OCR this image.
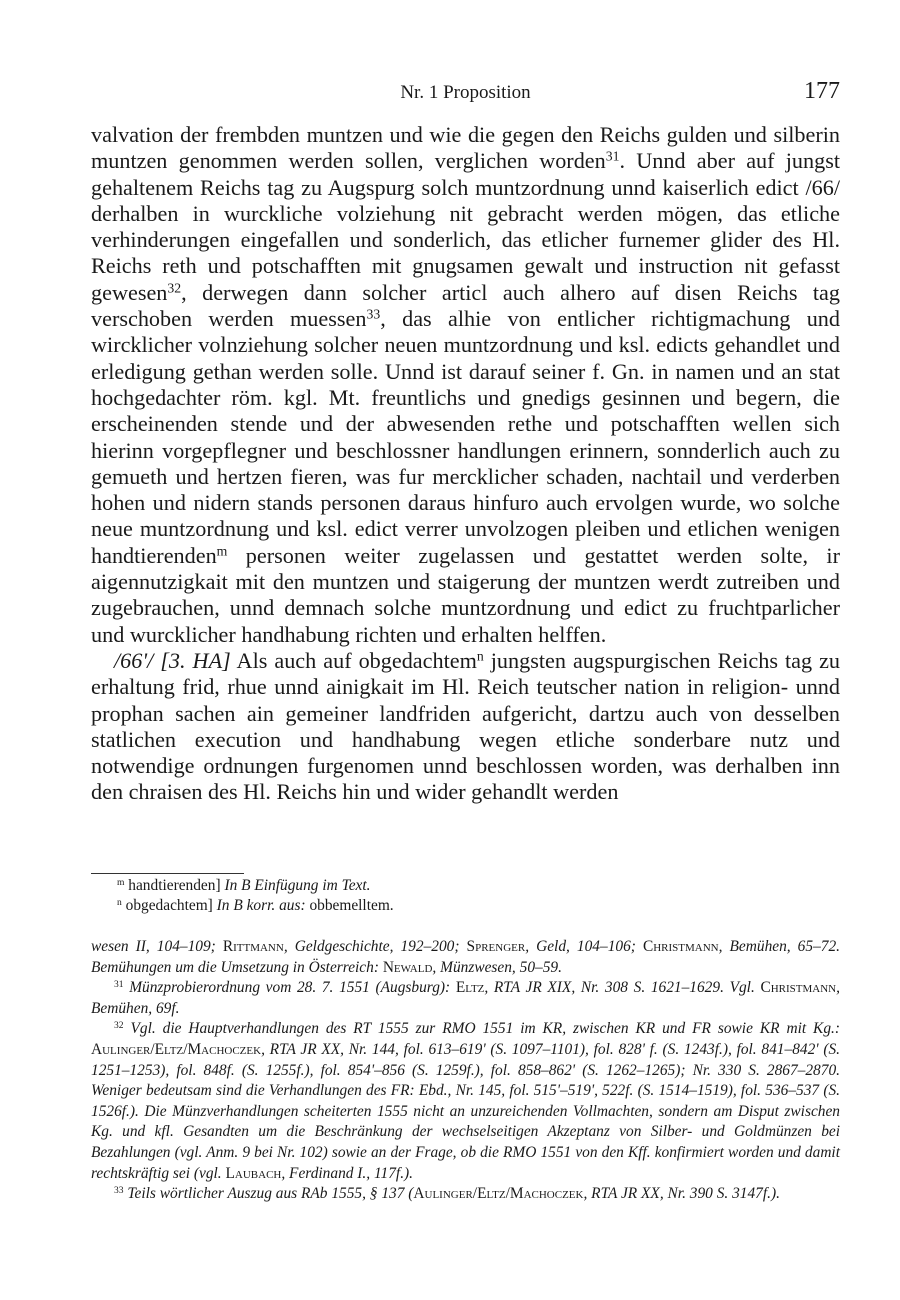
Nr. 1 Proposition	177

valvation der frembden muntzen und wie die gegen den Reichs gulden und silberin muntzen genommen werden sollen, verglichen worden$^{31}$. Unnd aber auf jungst gehaltenem Reichs tag zu Augspurg solch muntzordnung unnd kaiserlich edict /66/ derhalben in wurckliche volziehung nit gebracht werden mögen, das etliche verhinderungen eingefallen und sonderlich, das etlicher furnemer glider des Hl. Reichs reth und potschafften mit gnugsamen gewalt und instruction nit gefasst gewesen$^{32}$, derwegen dann solcher articl auch alhero auf disen Reichs tag verschoben werden muessen$^{33}$, das alhie von entlicher richtigmachung und wircklicher volnziehung solcher neuen muntzordnung und ksl. edicts gehandlet und erledigung gethan werden solle. Unnd ist darauf seiner f. Gn. in namen und an stat hochgedachter röm. kgl. Mt. freuntlichs und gnedigs gesinnen und begern, die erscheinenden stende und der abwesenden rethe und potschafften wellen sich hierinn vorgepflegner und beschlossner handlungen erinnern, sonnderlich auch zu gemueth und hertzen fieren, was fur mercklicher schaden, nachtail und verderben hohen und nidern stands personen daraus hinfuro auch ervolgen wurde, wo solche neue muntzordnung und ksl. edict verrer unvolzogen pleiben und etlichen wenigen handtierenden$^m$ personen weiter zugelassen und gestattet werden solte, ir aigennutzigkait mit den muntzen und staigerung der muntzen werdt zutreiben und zugebrauchen, unnd demnach solche muntzordnung und edict zu fruchtparlicher und wurcklicher handhabung richten und erhalten helffen.

/66'/ [3. HA] Als auch auf obgedachtem$^n$ jungsten augspurgischen Reichs tag zu erhaltung frid, rhue unnd ainigkait im Hl. Reich teutscher nation in religion- unnd prophan sachen ain gemeiner landfriden aufgericht, dartzu auch von desselben statlichen execution und handhabung wegen etliche sonderbare nutz und notwendige ordnungen furgenomen unnd beschlossen worden, was derhalben inn den chraisen des Hl. Reichs hin und wider gehandlt werden

$^m$ handtierenden] In B Einfügung im Text.
$^n$ obgedachtem] In B korr. aus: obbemelltem.

wesen II, 104–109; Rittmann, Geldgeschichte, 192–200; Sprenger, Geld, 104–106; Christmann, Bemühen, 65–72. Bemühungen um die Umsetzung in Österreich: Newald, Münzwesen, 50–59.

$^{31}$ Münzprobierordnung vom 28. 7. 1551 (Augsburg): Eltz, RTA JR XIX, Nr. 308 S. 1621–1629. Vgl. Christmann, Bemühen, 69f.

$^{32}$ Vgl. die Hauptverhandlungen des RT 1555 zur RMO 1551 im KR, zwischen KR und FR sowie KR mit Kg.: Aulinger/Eltz/Machoczek, RTA JR XX, Nr. 144, fol. 613–619' (S. 1097–1101), fol. 828' f. (S. 1243f.), fol. 841–842' (S. 1251–1253), fol. 848f. (S. 1255f.), fol. 854'–856 (S. 1259f.), fol. 858–862' (S. 1262–1265); Nr. 330 S. 2867–2870. Weniger bedeutsam sind die Verhandlungen des FR: Ebd., Nr. 145, fol. 515'–519', 522f. (S. 1514–1519), fol. 536–537 (S. 1526f.). Die Münzverhandlungen scheiterten 1555 nicht an unzureichenden Vollmachten, sondern am Disput zwischen Kg. und kfl. Gesandten um die Beschränkung der wechselseitigen Akzeptanz von Silber- und Goldmünzen bei Bezahlungen (vgl. Anm. 9 bei Nr. 102) sowie an der Frage, ob die RMO 1551 von den Kff. konfirmiert worden und damit rechtskräftig sei (vgl. Laubach, Ferdinand I., 117f.).

$^{33}$ Teils wörtlicher Auszug aus RAb 1555, § 137 (Aulinger/Eltz/Machoczek, RTA JR XX, Nr. 390 S. 3147f.).
